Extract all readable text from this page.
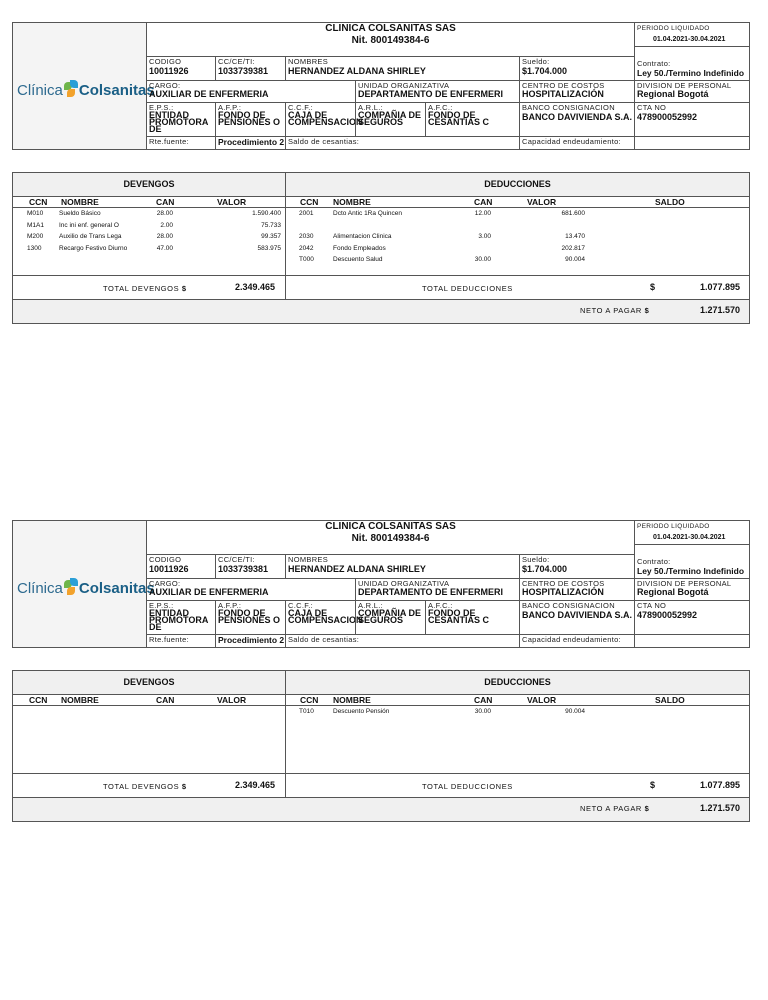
Clínica Colsanitas
CLINICA COLSANITAS SAS
Nit. 800149384-6
PERIODO LIQUIDADO
01.04.2021-30.04.2021
CODIGO
10011926
CC/CE/TI:
1033739381
NOMBRES
HERNANDEZ ALDANA SHIRLEY
Sueldo:
$1.704.000
Contrato:
Ley 50./Termino Indefinido
CARGO:
AUXILIAR DE ENFERMERIA
UNIDAD ORGANIZATIVA
DEPARTAMENTO DE ENFERMERI
CENTRO DE COSTOS
HOSPITALIZACIÓN
DIVISION DE PERSONAL
Regional Bogotá
E.P.S.:
ENTIDAD PROMOTORA DE
A.F.P.:
FONDO DE PENSIONES O
C.C.F.:
CAJA DE COMPENSACION
A.R.L.:
COMPAÑIA DE SEGUROS
A.F.C.:
FONDO DE CESANTIAS C
BANCO CONSIGNACION
BANCO DAVIVIENDA S.A.
CTA NO
478900052992
Rte.fuente:	Procedimiento 2 Saldo de cesantias:	Capacidad endeudamiento:
DEVENGOS	DEDUCCIONES
CCN NOMBRE	CAN	VALOR	CCN NOMBRE	CAN	VALOR	SALDO
TOTAL DEVENGOS $	2.349.465	TOTAL DEDUCCIONES	$	1.077.895
NETO A PAGAR $	1.271.570
M010	Sueldo Básico	28.00	1.590.400
M1A1	Inc ini enf. general O	2.00	75.733
M200	Auxilio de Trans Lega	28.00	99.357
1300	Recargo Festivo Diurno	47.00	583.975
2001	Dcto Antic 1Ra Quincen	12.00	681.600
2030	Alimentacion Clinica	3.00	13.470
2042	Fondo Empleados	202.817
T000	Descuento Salud	30.00	90.004
Clínica Colsanitas
CLINICA COLSANITAS SAS
Nit. 800149384-6
PERIODO LIQUIDADO
01.04.2021-30.04.2021
CODIGO
10011926
CC/CE/TI:
1033739381
NOMBRES
HERNANDEZ ALDANA SHIRLEY
Sueldo:
$1.704.000
Contrato:
Ley 50./Termino Indefinido
CARGO:
AUXILIAR DE ENFERMERIA
UNIDAD ORGANIZATIVA
DEPARTAMENTO DE ENFERMERI
CENTRO DE COSTOS
HOSPITALIZACIÓN
DIVISION DE PERSONAL
Regional Bogotá
E.P.S.:
ENTIDAD PROMOTORA DE
A.F.P.:
FONDO DE PENSIONES O
C.C.F.:
CAJA DE COMPENSACION
A.R.L.:
COMPAÑIA DE SEGUROS
A.F.C.:
FONDO DE CESANTIAS C
BANCO CONSIGNACION
BANCO DAVIVIENDA S.A.
CTA NO
478900052992
Rte.fuente:	Procedimiento 2 Saldo de cesantias:	Capacidad endeudamiento:
DEVENGOS	DEDUCCIONES
CCN NOMBRE	CAN	VALOR	CCN NOMBRE	CAN	VALOR	SALDO
TOTAL DEVENGOS $	2.349.465	TOTAL DEDUCCIONES	$	1.077.895
NETO A PAGAR $	1.271.570
T010	Descuento Pensión	30.00	90.004
